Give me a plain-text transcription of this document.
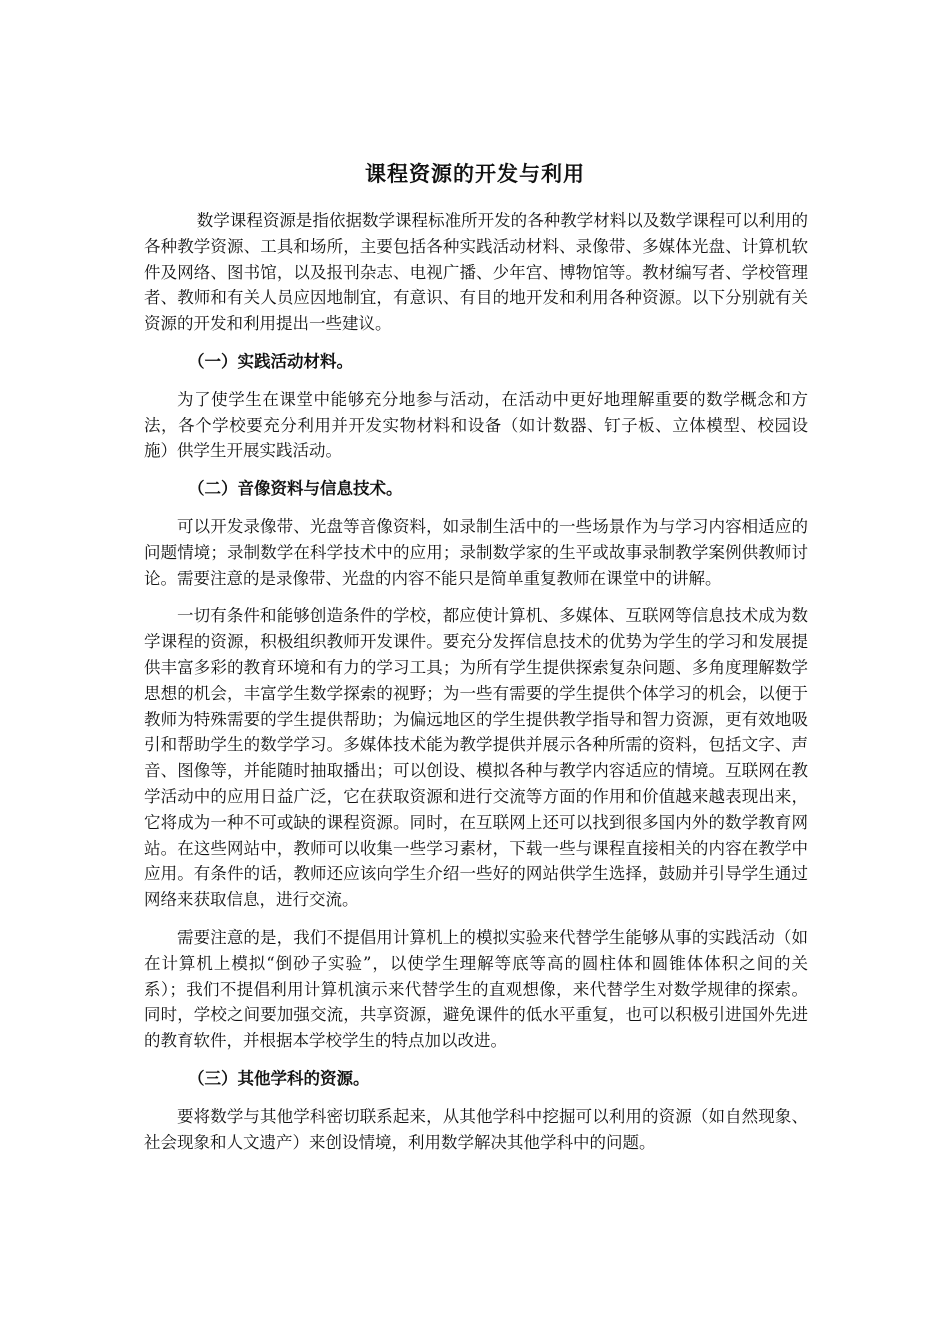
课程资源的开发与利用

数学课程资源是指依据数学课程标准所开发的各种教学材料以及数学课程可以利用的各种教学资源、工具和场所，主要包括各种实践活动材料、录像带、多媒体光盘、计算机软件及网络、图书馆，以及报刊杂志、电视广播、少年宫、博物馆等。教材编写者、学校管理者、教师和有关人员应因地制宜，有意识、有目的地开发和利用各种资源。以下分别就有关资源的开发和利用提出一些建议。

（一）实践活动材料。

为了使学生在课堂中能够充分地参与活动，在活动中更好地理解重要的数学概念和方法，各个学校要充分利用并开发实物材料和设备（如计数器、钉子板、立体模型、校园设施）供学生开展实践活动。

（二）音像资料与信息技术。

可以开发录像带、光盘等音像资料，如录制生活中的一些场景作为与学习内容相适应的问题情境；录制数学在科学技术中的应用；录制数学家的生平或故事录制教学案例供教师讨论。需要注意的是录像带、光盘的内容不能只是简单重复教师在课堂中的讲解。

一切有条件和能够创造条件的学校，都应使计算机、多媒体、互联网等信息技术成为数学课程的资源，积极组织教师开发课件。要充分发挥信息技术的优势为学生的学习和发展提供丰富多彩的教育环境和有力的学习工具；为所有学生提供探索复杂问题、多角度理解数学思想的机会，丰富学生数学探索的视野；为一些有需要的学生提供个体学习的机会，以便于教师为特殊需要的学生提供帮助；为偏远地区的学生提供教学指导和智力资源，更有效地吸引和帮助学生的数学学习。多媒体技术能为教学提供并展示各种所需的资料，包括文字、声音、图像等，并能随时抽取播出；可以创设、模拟各种与教学内容适应的情境。互联网在教学活动中的应用日益广泛，它在获取资源和进行交流等方面的作用和价值越来越表现出来，它将成为一种不可或缺的课程资源。同时，在互联网上还可以找到很多国内外的数学教育网站。在这些网站中，教师可以收集一些学习素材，下载一些与课程直接相关的内容在教学中应用。有条件的话，教师还应该向学生介绍一些好的网站供学生选择，鼓励并引导学生通过网络来获取信息，进行交流。

需要注意的是，我们不提倡用计算机上的模拟实验来代替学生能够从事的实践活动（如在计算机上模拟“倒砂子实验”，以使学生理解等底等高的圆柱体和圆锥体体积之间的关系）；我们不提倡利用计算机演示来代替学生的直观想像，来代替学生对数学规律的探索。同时，学校之间要加强交流，共享资源，避免课件的低水平重复，也可以积极引进国外先进的教育软件，并根据本学校学生的特点加以改进。

（三）其他学科的资源。

要将数学与其他学科密切联系起来，从其他学科中挖掘可以利用的资源（如自然现象、社会现象和人文遗产）来创设情境，利用数学解决其他学科中的问题。
